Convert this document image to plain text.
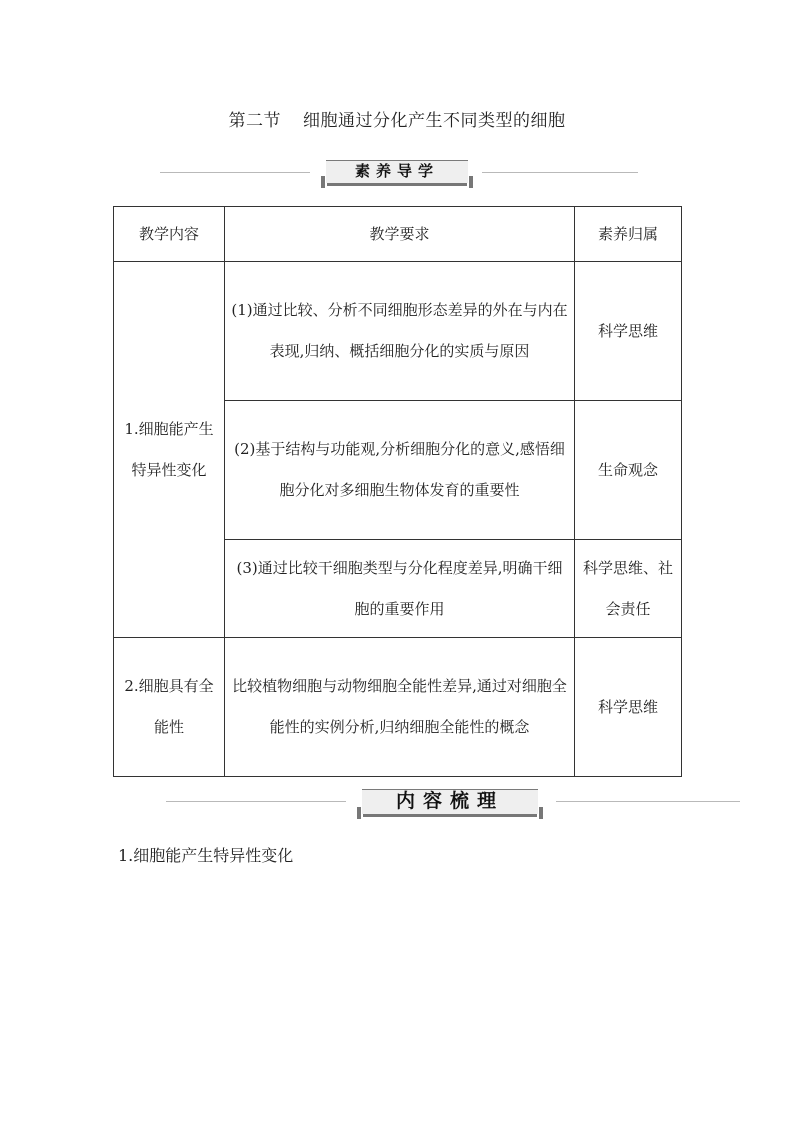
第二节 细胞通过分化产生不同类型的细胞
素养导学
教学内容	教学要求	素养归属
1.细胞能产生特异性变化	(1)通过比较、分析不同细胞形态差异的外在与内在表现,归纳、概括细胞分化的实质与原因	科学思维

	(2)基于结构与功能观,分析细胞分化的意义,感悟细胞分化对多细胞生物体发育的重要性	生命观念

	(3)通过比较干细胞类型与分化程度差异,明确干细胞的重要作用	科学思维、社会责任
2.细胞具有全能性	比较植物细胞与动物细胞全能性差异,通过对细胞全能性的实例分析,归纳细胞全能性的概念	科学思维
内容梳理
1.细胞能产生特异性变化
